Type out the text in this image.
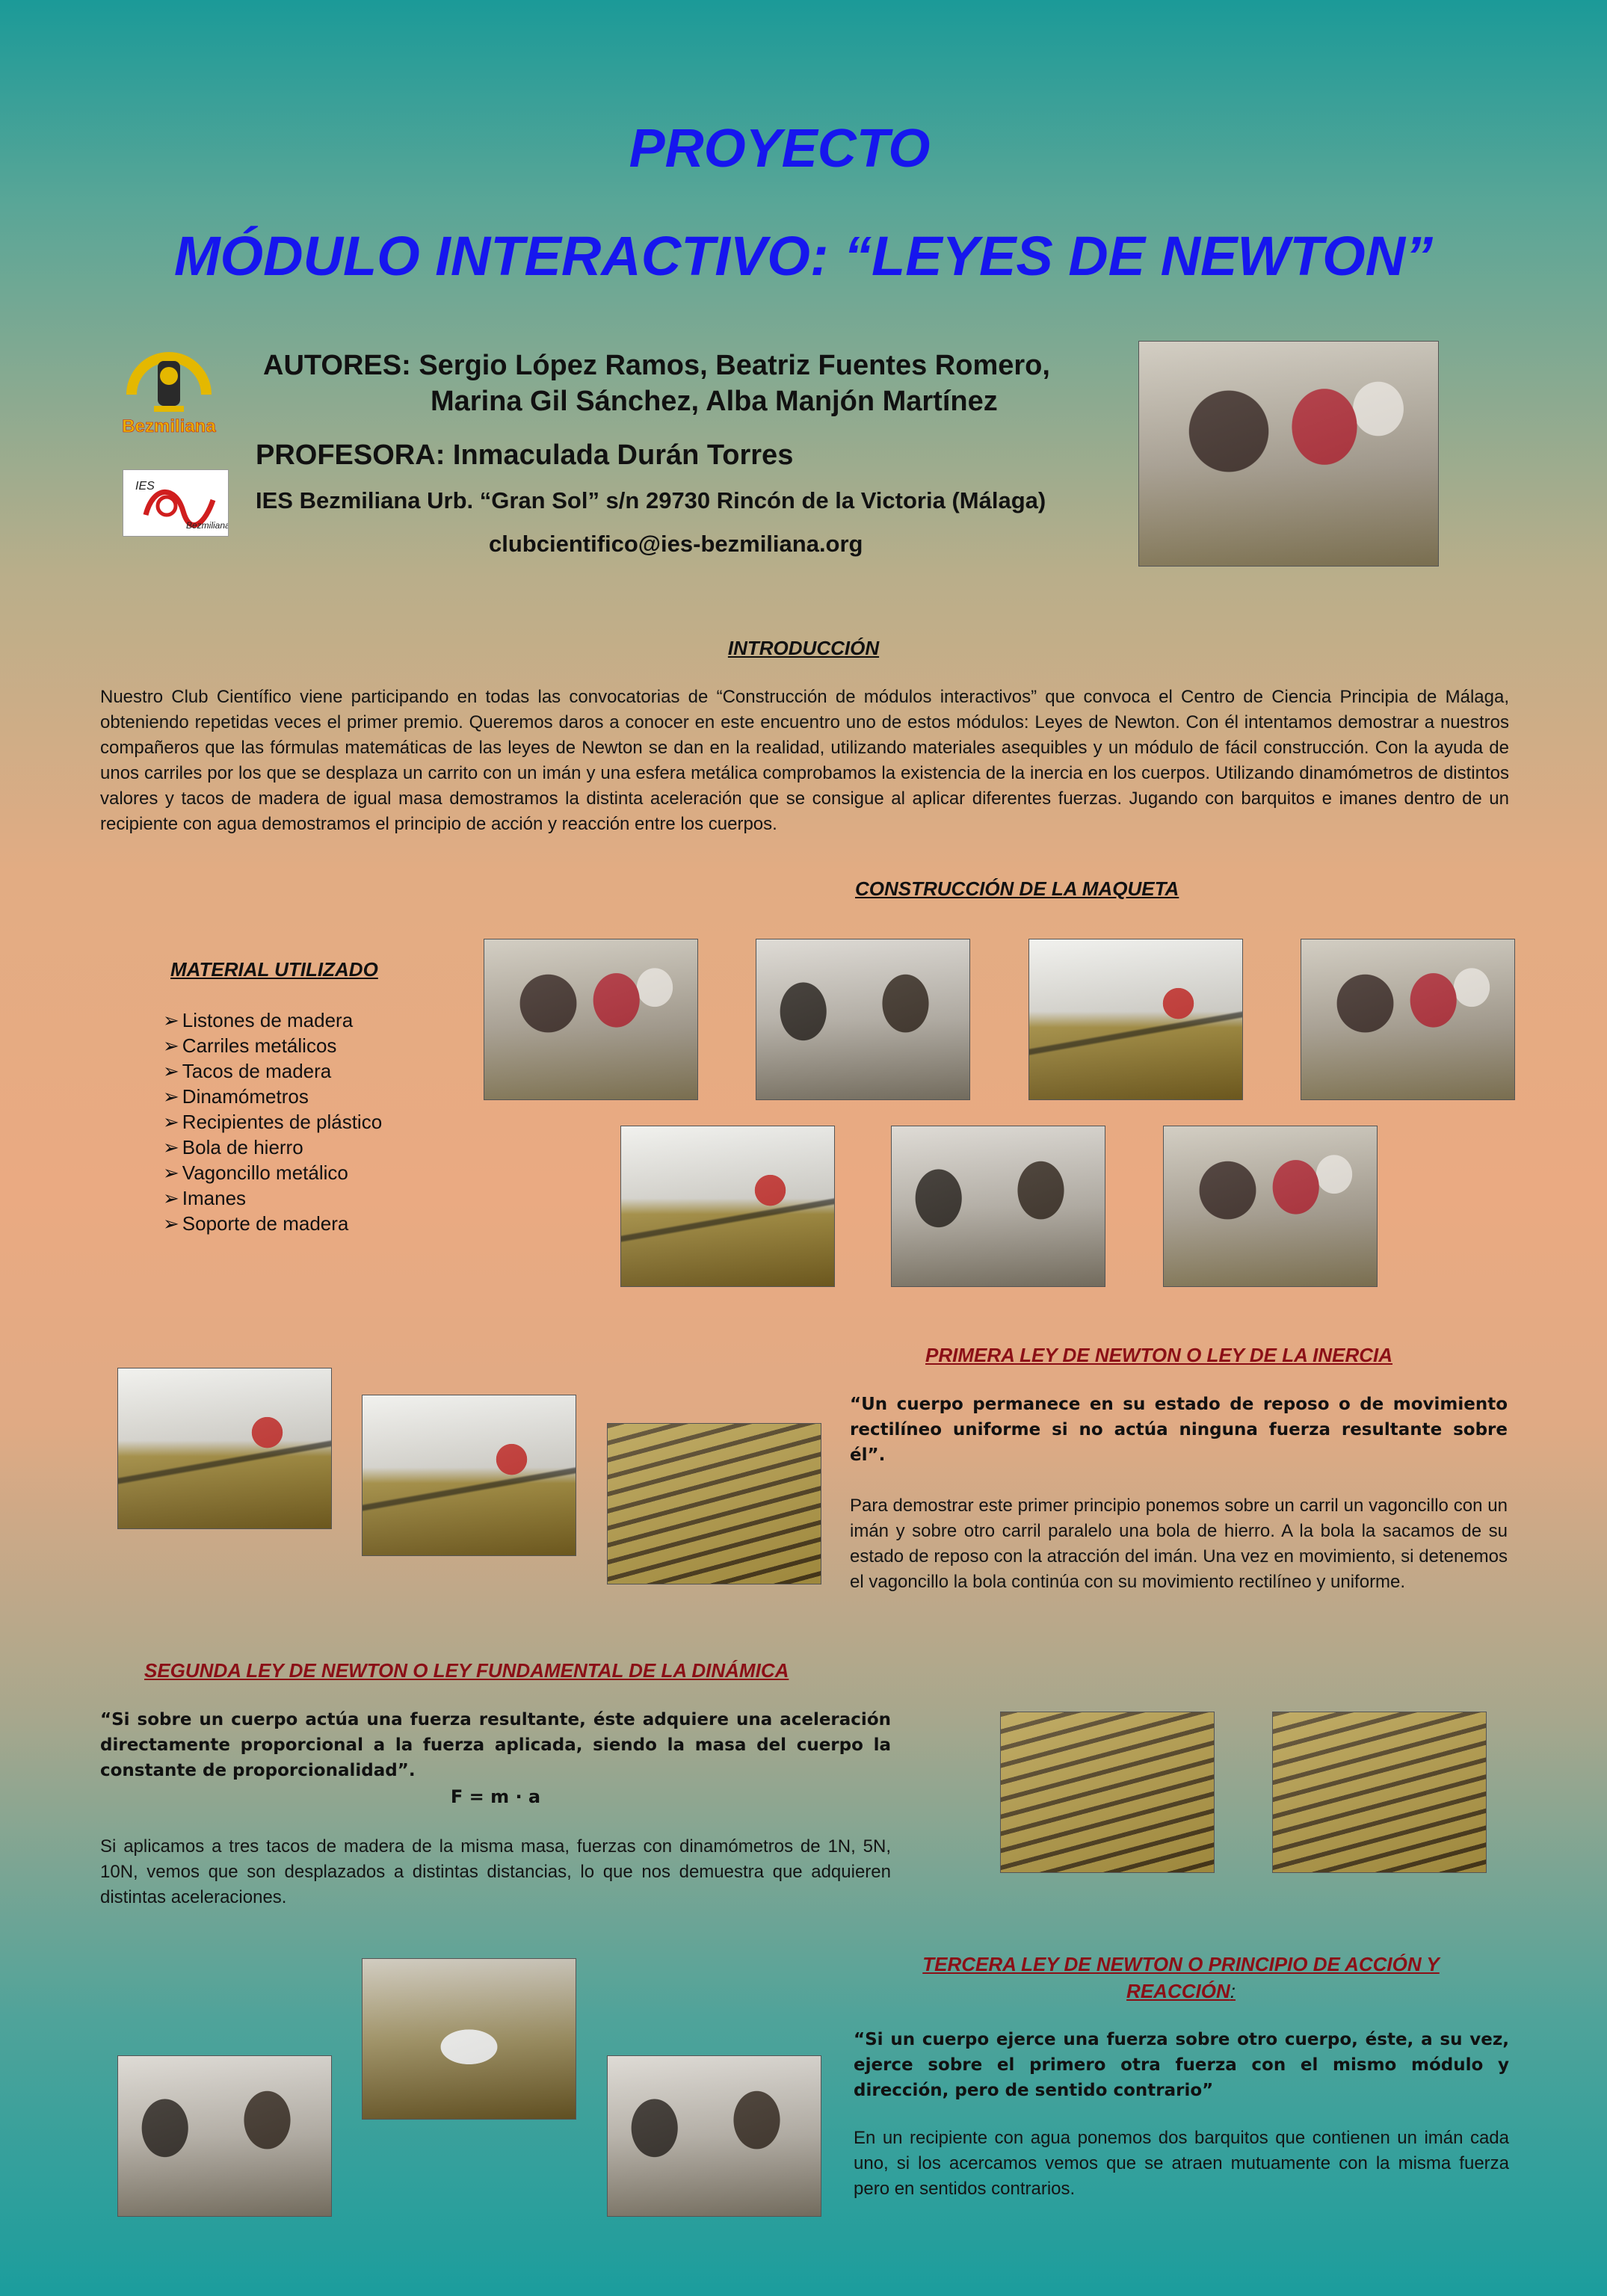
PROYECTO
MÓDULO INTERACTIVO: “LEYES DE NEWTON”
Bezmiliana
IES
Bezmiliana
AUTORES: Sergio López Ramos, Beatriz Fuentes Romero,
Marina Gil Sánchez, Alba Manjón Martínez
PROFESORA: Inmaculada Durán Torres
IES Bezmiliana Urb. “Gran Sol” s/n 29730 Rincón de la Victoria (Málaga)
clubcientifico@ies-bezmiliana.org
INTRODUCCIÓN
Nuestro Club Científico viene participando en todas las convocatorias de “Construcción de módulos interactivos” que convoca el Centro de Ciencia Principia de Málaga, obteniendo repetidas veces el primer premio. Queremos daros a conocer en este encuentro uno de estos módulos: Leyes de Newton. Con él intentamos demostrar a nuestros compañeros que las fórmulas matemáticas de las leyes de Newton se dan en la realidad, utilizando materiales asequibles y un módulo de fácil construcción. Con la ayuda de unos carriles por los que se desplaza un carrito con un imán y una esfera metálica comprobamos la existencia de la inercia en los cuerpos. Utilizando dinamómetros de distintos valores y tacos de madera de igual masa demostramos la distinta aceleración que se consigue al aplicar diferentes fuerzas. Jugando con barquitos e imanes dentro de un recipiente con agua demostramos el principio de acción y reacción entre los cuerpos.
CONSTRUCCIÓN DE LA MAQUETA
MATERIAL UTILIZADO
➢ Listones de madera
➢ Carriles metálicos
➢ Tacos de madera
➢ Dinamómetros
➢ Recipientes de plástico
➢ Bola de hierro
➢ Vagoncillo metálico
➢ Imanes
➢ Soporte de madera
PRIMERA LEY DE NEWTON O LEY DE LA INERCIA
“Un cuerpo permanece en su estado de reposo o de movimiento rectilíneo uniforme si no actúa ninguna fuerza resultante sobre él”.
Para demostrar este primer principio ponemos sobre un carril un vagoncillo con un imán y sobre otro carril paralelo una bola de hierro. A la bola la sacamos de su estado de reposo con la atracción del imán. Una vez en movimiento, si detenemos el vagoncillo la bola continúa con su movimiento rectilíneo y uniforme.
SEGUNDA LEY DE NEWTON O LEY FUNDAMENTAL DE LA DINÁMICA
“Si sobre un cuerpo actúa una fuerza resultante, éste adquiere una aceleración directamente proporcional a la fuerza aplicada, siendo la masa del cuerpo la constante de proporcionalidad”.
F = m · a
Si aplicamos a tres tacos de madera de la misma masa, fuerzas con dinamómetros de 1N, 5N, 10N, vemos que son desplazados a distintas distancias, lo que nos demuestra que adquieren distintas aceleraciones.
TERCERA LEY DE NEWTON O PRINCIPIO DE ACCIÓN Y REACCIÓN:
“Si un cuerpo ejerce una fuerza sobre otro cuerpo, éste, a su vez, ejerce sobre el primero otra fuerza con el mismo módulo y dirección, pero de sentido contrario”
En un recipiente con agua ponemos dos barquitos que contienen un imán cada uno, si los acercamos vemos que se atraen mutuamente con la misma fuerza pero en sentidos contrarios.
